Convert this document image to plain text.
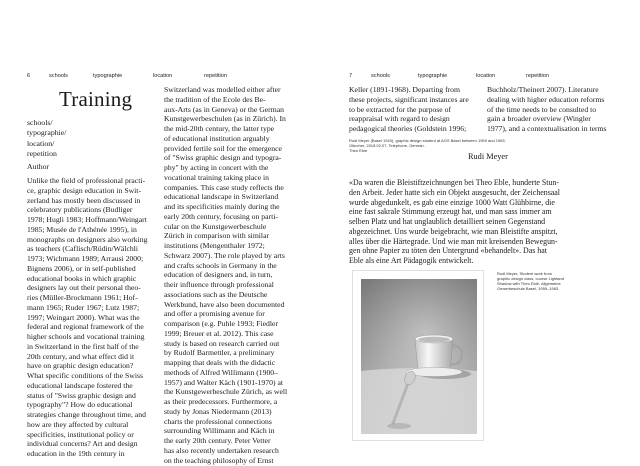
6	schools	typographie	location	repetition	7	schools	typographie	location	repetition
Training
schools/
typographie/
location/
repetition
Author
Unlike the field of professional practi-
ce, graphic design education in Swit-
zerland has mostly been discussed in
celebratory publications (Budliger
1978; Hugli 1983; Hoffmann/Weingart
1985; Musée de l'Athénée 1995), in
monographs on designers also working
as teachers (Caflisch/Rüdin/Wälchli
1973; Wichmann 1989; Arrausi 2000;
Bignens 2006), or in self-published
educational books in which graphic
designers lay out their personal theo-
ries (Müller-Brockmann 1961; Hof-
mann 1965; Ruder 1967; Lutz 1987;
1997; Weingart 2000). What was the
federal and regional framework of the
higher schools and vocational training
in Switzerland in the first half of the
20th century, and what effect did it
have on graphic design education?
What specific conditions of the Swiss
educational landscape fostered the
status of "Swiss graphic design and
typography"? How do educational
strategies change throughout time, and
how are they affected by cultural
specificities, institutional policy or
individual concerns? Art and design
education in the 19th century in
Switzerland was modelled either after
the tradition of the Ecole des Be-
aux-Arts (as in Geneva) or the German
Kunstgewerbeschulen (as in Zürich). In
the mid-20th century, the latter type
of educational institution arguably
provided fertile soil for the emergence
of "Swiss graphic design and typogra-
phy" by acting in concert with the
vocational training taking place in
companies. This case study reflects the
educational landscape in Switzerland
and its specificities mainly during the
early 20th century, focusing on parti-
cular on the Kunstgewerbeschule
Zürich in comparison with similar
institutions (Mengenthaler 1972;
Schwarz 2007). The role played by arts
and crafts schools in Germany in the
education of designers and, in turn,
their influence through professional
associations such as the Deutsche
Werkbund, have also been documented
and offer a promising avenue for
comparison (e.g. Puhle 1993; Fiedler
1999; Breuer et al. 2012). This case
study is based on research carried out
by Rudolf Barmettler, a preliminary
mapping that deals with the didactic
methods of Alfred Willimann (1900–
1957) and Walter Käch (1901-1970) at
the Kunstgewerbeschule Zürich, as well
as their predecessors. Furthermore, a
study by Jonas Niedermann (2013)
charts the professional connections
surrounding Willimann and Käch in
the early 20th century. Peter Vetter
has also recently undertaken research
on the teaching philosophy of Ernst
Keller (1891-1968). Departing from
these projects, significant instances are
to be extracted for the purpose of
reappraisal with regard to design
pedagogical theories (Goldstein 1996;
Buchholz/Theinert 2007). Literature
dealing with higher education reforms
of the time needs to be consulted to
gain a broader overview (Wingler
1977), and a contextualisation in terms
Rudi Meyer (Basel 1943), graphic design student at AGS Basel between 1959 and 1963.
Gibrcher, 2018.02.07, Telephone, German.
Theo Eble
Rudi Meyer
«Da waren die Bleistiftzeichnungen bei Theo Eble, hunderte Stun-
den Arbeit. Jeder hatte sich ein Objekt ausgesucht, der Zeichensaal
wurde abgedunkelt, es gab eine einzige 1000 Watt Glühbirne, die
eine fast sakrale Stimmung erzeugt hat, und man sass immer am
selben Platz und hat unglaublich detailliert seinen Gegenstand
abgezeichnet. Uns wurde beigebracht, wie man Bleistifte anspitzt,
alles über die Härtegrade. Und wie man mit kreisenden Bewegun-
gen ohne Papier zu töten den Untergrund «behandelt». Das hat
Eble als eine Art Pädagogik entwickelt.
Rudi Meyer, Student work from
graphic design class, course Lightand
Shadow with Theo Eble, Allgemeine
Gewerbeschule Basel, 1959–1963
